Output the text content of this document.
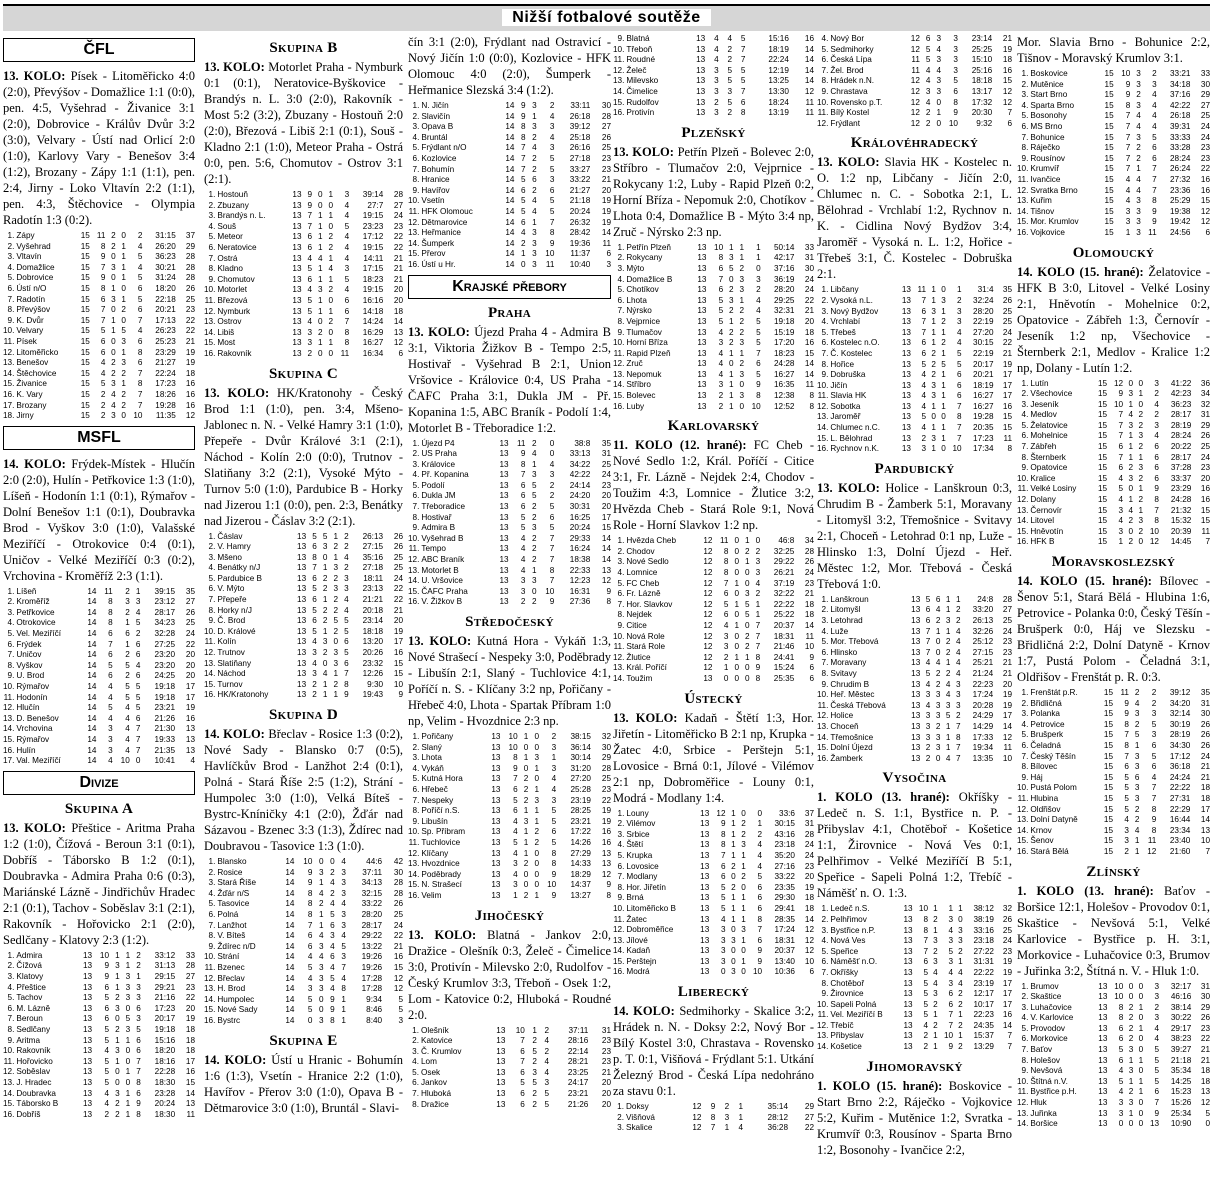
Nižší fotbalové soutěže
ČFL

13. KOLO: Písek - Litoměřicko 4:0 (2:0), Převýšov - Domažlice 1:1 (0:0), pen. 4:5, Vyšehrad - Živanice 3:1 (2:0), Dobrovice - Králův Dvůr 3:2 (3:0), Velvary - Ústí nad Orlicí 2:0 (1:0), Karlovy Vary - Benešov 3:4 (1:2), Brozany - Zápy 1:1 (1:1), pen. 2:4, Jirny - Loko Vltavín 2:2 (1:1), pen. 4:3, Štěchovice - Olympia Radotín 1:3 (0:2).

1.	Zápy	15	11	2	0	2	31:15	37
2.	Vyšehrad	15	8	2	1	4	26:20	29
3.	Vltavín	15	9	0	1	5	36:23	28
4.	Domažlice	15	7	3	1	4	30:21	28
5.	Dobrovice	15	9	0	1	5	31:24	28
6.	Ústí n/O	15	8	1	0	6	18:20	26
7.	Radotín	15	6	3	1	5	22:18	25
8.	Převýšov	15	7	0	2	6	20:21	23
9.	K. Dvůr	15	7	1	0	7	17:13	22
10.	Velvary	15	5	1	5	4	26:23	22
11.	Písek	15	6	0	3	6	25:23	21
12.	Litoměřicko	15	6	0	1	8	23:29	19
13.	Benešov	15	4	2	3	6	21:27	19
14.	Štěchovice	15	4	2	2	7	22:24	18
15.	Živanice	15	5	3	1	8	17:23	16
16.	K. Vary	15	2	4	2	7	18:26	16
17.	Brozany	15	2	4	2	7	19:28	16
18.	Jirny	15	2	3	0	10	11:35	12
MSFL

14. KOLO: Frýdek-Místek - Hlučín 2:0 (2:0), Hulín - Petřkovice 1:3 (1:0), Líšeň - Hodonín 1:1 (0:1), Rýmařov - Dolní Benešov 1:1 (0:1), Doubravka Brod - Vyškov 3:0 (1:0), Valašské Meziříčí - Otrokovice 0:4 (0:1), Uničov - Velké Meziříčí 0:3 (0:2), Vrchovina - Kroměříž 2:3 (1:1).

1.	Líšeň	14	11	2	1	39:15	35
2.	Kroměříž	14	8	3	3	23:12	27
3.	Petřkovice	14	8	2	4	28:17	26
4.	Otrokovice	14	8	1	5	34:23	25
5.	Vel. Meziříčí	14	6	6	2	32:28	24
6.	Frýdek	14	7	1	6	27:25	22
7.	Uničov	14	6	2	6	23:20	20
8.	Vyškov	14	5	5	4	23:20	20
9.	U. Brod	14	6	2	6	24:25	20
10.	Rýmařov	14	4	5	5	19:18	17
11.	Hodonín	14	4	5	5	19:18	17
12.	Hlučín	14	5	4	5	23:21	19
13.	D. Benešov	14	4	4	6	21:26	16
14.	Vrchovina	14	3	4	7	21:30	13
15.	Rýmařov	14	3	4	7	19:33	13
16.	Hulín	14	3	4	7	21:35	13
17.	Val. Meziříčí	14	4	10	0	10:41	4
Divize
Skupina A

13. KOLO: Přeštice - Aritma Praha 1:2 (1:0), Čížová - Beroun 3:1 (0:1), Dobříš - Táborsko B 1:2 (0:1), Doubravka - Admira Praha 0:6 (0:3), Mariánské Lázně - Jindřichův Hradec 2:1 (0:1), Tachov - Soběslav 3:1 (2:1), Rakovník - Hořovicko 2:1 (2:0), Sedlčany - Klatovy 2:3 (1:2).

1.	Admira	13	10	1	1	2	33:12	33
2.	Čížová	13	9	3	1	2	31:13	28
3.	Klatovy	13	9	1	3	1	29:15	27
4.	Přeštice	13	6	1	3	3	29:21	23
5.	Tachov	13	5	2	3	3	21:16	22
6.	M. Lázně	13	6	3	0	6	17:23	20
7.	Beroun	13	6	0	5	3	20:17	19
8.	Sedlčany	13	5	2	3	5	19:18	18
9.	Aritma	13	5	1	1	6	15:16	18
10.	Rakovník	13	4	3	0	6	18:20	18
11.	Hořovicko	13	5	1	0	7	18:16	17
12.	Soběslav	13	5	0	1	7	22:28	16
13.	J. Hradec	13	5	0	0	8	18:30	15
14.	Doubravka	13	4	3	1	6	23:28	14
15.	Táborsko B	13	4	2	1	9	20:24	13
16.	Dobříš	13	2	2	1	8	18:30	11
Skupina B

13. KOLO: Motorlet Praha - Nymburk 0:1 (0:1), Neratovice-Byškovice - Brandýs n. L. 3:0 (2:0), Rakovník - Most 5:2 (3:2), Zbuzany - Hostouň 2:0 (2:0), Březová - Libiš 2:1 (0:1), Souš - Kladno 2:1 (1:0), Meteor Praha - Ostrá 0:0, pen. 5:6, Chomutov - Ostrov 3:1 (2:1).

1.	Hostouň	13	9	0	1	3	39:14	28
2.	Zbuzany	13	9	0	0	4	27:7	27
3.	Brandýs n. L.	13	7	1	1	4	19:15	24
4.	Souš	13	7	1	0	5	23:23	23
5.	Meteor	13	6	1	2	4	17:12	22
6.	Neratovice	13	6	1	2	4	19:15	22
7.	Ostrá	13	4	4	1	4	14:11	21
8.	Kladno	13	5	1	4	3	17:15	21
9.	Chomutov	13	6	1	1	5	18:23	21
10.	Motorlet	13	4	3	2	4	19:15	20
11.	Březová	13	5	1	0	6	16:16	20
12.	Nymburk	13	5	1	1	6	14:18	18
13.	Ostrov	13	4	0	2	7	14:24	14
14.	Libiš	13	3	2	0	8	16:29	13
15.	Most	13	3	1	1	8	16:27	12
16.	Rakovník	13	2	0	0	11	16:34	6
Skupina C

13. KOLO: HK/Kratonohy - Český Brod 1:1 (1:0), pen. 3:4, Mšeno-Jablonec n. N. - Velké Hamry 3:1 (1:0), Přepeře - Dvůr Králové 3:1 (2:1), Náchod - Kolín 2:0 (0:0), Trutnov - Slatiňany 3:2 (2:1), Vysoké Mýto - Turnov 5:0 (1:0), Pardubice B - Horky nad Jizerou 1:1 (0:0), pen. 2:3, Benátky nad Jizerou - Čáslav 3:2 (2:1).

1.	Čáslav	13	5	5	1	2	26:13	26
2.	V. Hamry	13	6	3	2	2	27:15	26
3.	Mšeno	13	8	0	1	4	35:16	25
4.	Benátky n/J	13	7	1	3	2	27:18	25
5.	Pardubice B	13	6	2	2	3	18:11	24
6.	V. Mýto	13	5	2	3	3	23:13	22
7.	Přepeře	13	6	1	2	4	21:21	22
8.	Horky n/J	13	5	2	2	4	20:18	21
9.	Č. Brod	13	6	2	5	5	23:14	20
10.	D. Králové	13	5	1	2	5	18:18	19
11.	Kolín	13	4	3	0	6	13:20	17
12.	Trutnov	13	3	2	3	5	20:26	16
13.	Slatiňany	13	4	0	3	6	23:32	15
14.	Náchod	13	3	4	1	7	12:26	15
15.	Turnov	13	2	1	2	8	9:30	10
16.	HK/Kratonohy	13	2	1	1	9	19:43	9
Skupina D

14. KOLO: Břeclav - Rosice 1:3 (0:2), Nové Sady - Blansko 0:7 (0:5), Havlíčkův Brod - Lanžhot 2:4 (0:1), Polná - Stará Říše 2:5 (1:2), Strání - Humpolec 3:0 (1:0), Velká Bíteš - Bystrc-Kníničky 4:1 (2:0), Žďár nad Sázavou - Bzenec 3:3 (1:3), Ždírec nad Doubravou - Tasovice 1:3 (1:0).

1.	Blansko	14	10	0	0	4	44:6	42
2.	Rosice	14	9	3	2	3	37:11	30
3.	Stará Říše	14	9	1	4	3	34:13	28
4.	Žďár n/S	14	8	4	2	3	32:15	28
5.	Tasovice	14	8	2	4	4	33:22	26
6.	Polná	14	8	1	5	3	28:20	25
7.	Lanžhot	14	7	1	6	3	28:17	24
8.	V. Bíteš	14	6	4	3	4	29:22	22
9.	Ždírec n/D	14	6	3	4	5	13:22	21
10.	Strání	14	4	4	6	3	19:26	16
11.	Bzenec	14	5	3	4	7	19:26	15
12.	Břeclav	14	4	3	5	4	17:28	12
13.	H. Brod	14	3	3	4	8	17:28	12
14.	Humpolec	14	5	0	9	1	9:34	5
15.	Nové Sady	14	5	0	9	1	8:46	5
16.	Bystrc	14	0	3	8	1	8:40	3
Skupina E

14. KOLO: Ústí u Hranic - Bohumín 1:6 (1:3), Vsetín - Hranice 2:2 (1:0), Havířov - Přerov 3:0 (1:0), Opava B - Dětmarovice 3:0 (1:0), Bruntál - Slavi-

čín 3:1 (2:0), Frýdlant nad Ostravicí - Nový Jičín 1:0 (0:0), Kozlovice - HFK Olomouc 4:0 (2:0), Šumperk - Heřmanice Slezská 3:4 (1:2).

1.	N. Jičín	14	9	3	2	33:11	30
2.	Slavičín	14	9	1	4	26:18	28
3.	Opava B	14	8	3	3	39:12	27
4.	Bruntál	14	8	2	4	25:18	26
5.	Frýdlant n/O	14	7	4	3	26:16	25
6.	Kozlovice	14	7	2	5	27:18	23
7.	Bohumín	14	7	2	5	33:27	23
8.	Hranice	14	5	6	3	33:22	21
9.	Havířov	14	6	2	6	21:27	20
10.	Vsetín	14	5	4	5	21:18	19
11.	HFK Olomouc	14	5	4	5	20:24	19
12.	Dětmarovice	14	6	1	7	26:32	19
13.	Heřmanice	14	4	3	8	28:42	14
14.	Šumperk	14	2	3	9	19:36	11
15.	Přerov	14	1	3	10	11:37	6
16.	Ústí u Hr.	14	0	3	11	10:40	3
Krajské přebory
Praha

13. KOLO: Újezd Praha 4 - Admira B 3:1, Viktoria Žižkov B - Tempo 2:5, Hostivař - Vyšehrad B 2:1, Union Vršovice - Královice 0:4, US Praha - ČAFC Praha 3:1, Dukla JM - Př. Kopanina 1:5, ABC Braník - Podolí 1:4, Motorlet B - Třeboradice 1:2.

1.	Újezd P4	13	11	2	0	38:8	35
2.	US Praha	13	9	4	0	33:13	31
3.	Královice	13	8	1	4	34:22	25
4.	Př. Kopanina	13	7	3	3	42:22	24
5.	Podolí	13	6	5	2	24:14	23
6.	Dukla JM	13	6	5	2	24:20	20
7.	Třeboradice	13	6	2	5	30:31	20
8.	Hostivař	13	5	2	6	16:25	17
9.	Admira B	13	5	3	5	20:24	15
10.	Vyšehrad B	13	4	2	7	29:33	14
11.	Tempo	13	4	2	7	16:24	14
12.	ABC Braník	13	4	2	7	18:38	14
13.	Motorlet B	13	4	1	8	22:33	13
14.	U. Vršovice	13	3	3	7	12:23	12
15.	ČAFC Praha	13	3	0	10	16:31	9
16.	V. Žižkov B	13	2	2	9	27:36	8
Středočeský

13. KOLO: Kutná Hora - Vykáň 1:3, Nové Strašecí - Nespeky 3:0, Poděbrady - Libušín 2:1, Slaný - Tuchlovice 4:1, Poříčí n. S. - Klíčany 3:2 np, Pořičany - Hřebeč 4:0, Lhota - Spartak Příbram 1:0 np, Velim - Hvozdnice 2:3 np.

1.	Pořičany	13	10	1	0	2	38:15	32
2.	Slaný	13	10	0	0	3	36:14	30
3.	Lhota	13	8	1	3	1	30:14	29
4.	Vykáň	13	9	0	1	3	31:20	28
5.	Kutná Hora	13	7	2	0	4	27:20	25
6.	Hřebeč	13	6	2	1	4	25:28	23
7.	Nespeky	13	5	2	3	3	23:19	22
8.	Poříčí n.S.	13	6	1	1	5	28:25	19
9.	Libušín	13	4	3	1	5	23:21	19
10.	Sp. Příbram	13	4	1	2	6	17:22	16
11.	Tuchlovice	13	5	1	2	5	14:26	16
12.	Klíčany	13	4	1	0	8	27:29	13
13.	Hvozdnice	13	3	2	0	8	14:33	13
14.	Poděbrady	13	4	0	0	9	18:29	12
15.	N. Strašecí	13	3	0	0	10	14:37	9
16.	Velim	13	1	2	1	9	13:27	8
Jihočeský

13. KOLO: Blatná - Jankov 2:0, Dražice - Olešník 0:3, Želeč - Čimelice 3:0, Protivín - Milevsko 2:0, Rudolfov - Český Krumlov 3:3, Třeboň - Osek 1:2, Lom - Katovice 0:2, Hluboká - Roudné 2:0.

1.	Olešník	13	10	1	2	37:11	31
2.	Katovice	13	7	2	4	28:16	23
3.	Č. Krumlov	13	6	5	2	22:14	23
4.	Lom	13	7	2	4	28:21	23
5.	Osek	13	6	3	4	23:25	21
6.	Jankov	13	5	5	3	24:17	20
7.	Hluboká	13	6	2	5	23:21	20
8.	Dražice	13	6	2	5	21:26	20
9.	Blatná	13	4	4	5	15:16	16
10.	Třeboň	13	4	2	7	18:19	14
11.	Roudné	13	4	2	7	22:24	14
12.	Želeč	13	3	5	5	12:19	14
13.	Milevsko	13	3	5	5	13:25	14
14.	Čimelice	13	3	3	7	13:30	12
15.	Rudolfov	13	2	5	6	18:24	11
16.	Protivín	13	3	2	8	13:19	11
Plzeňský

13. KOLO: Petřín Plzeň - Bolevec 2:0, Stříbro - Tlumačov 2:0, Vejprnice - Rokycany 1:2, Luby - Rapid Plzeň 0:2, Horní Bříza - Nepomuk 2:0, Chotíkov - Lhota 0:4, Domažlice B - Mýto 3:4 np, Zruč - Nýrsko 2:3 np.

1.	Petřín Plzeň	13	10	1	1	1	50:14	33
2.	Rokycany	13	8	3	1	1	42:17	31
3.	Mýto	13	6	5	2	0	37:16	30
4.	Domažlice B	13	7	0	3	3	36:19	24
5.	Chotíkov	13	6	2	3	2	28:20	24
6.	Lhota	13	5	3	1	4	29:25	22
7.	Nýrsko	13	5	2	2	4	32:31	21
8.	Vejprnice	13	5	1	2	5	19:18	20
9.	Tlumačov	13	4	2	2	5	15:19	18
10.	Horní Bříza	13	3	2	3	5	17:20	16
11.	Rapid Plzeň	13	4	1	1	7	18:23	15
12.	Zruč	13	4	0	2	6	24:28	14
13.	Nepomuk	13	4	1	3	5	16:27	14
14.	Stříbro	13	3	1	0	9	16:35	11
15.	Bolevec	13	2	1	3	8	12:38	8
16.	Luby	13	2	1	0	10	12:52	8
Karlovarský

11. KOLO (12. hrané): FC Cheb - Nové Sedlo 1:2, Král. Poříčí - Citice 3:1, Fr. Lázně - Nejdek 2:4, Chodov - Toužim 4:3, Lomnice - Žlutice 3:2, Hvězda Cheb - Stará Role 9:1, Nová Role - Horní Slavkov 1:2 np.

1.	Hvězda Cheb	12	11	0	1	0	46:8	34
2.	Chodov	12	8	0	2	2	32:25	28
3.	Nové Sedlo	12	8	0	1	3	29:22	26
4.	Lomnice	12	8	0	0	3	26:21	24
5.	FC Cheb	12	7	1	0	4	37:19	23
6.	Fr. Lázně	12	6	0	3	2	32:22	21
7.	Hor. Slavkov	12	5	1	5	1	22:22	18
8.	Nejdek	12	6	0	5	1	25:22	18
9.	Citice	12	4	1	0	7	20:37	14
10.	Nová Role	12	3	0	2	7	18:31	11
11.	Stará Role	12	3	0	2	7	21:46	10
12.	Žlutice	12	2	1	1	8	24:41	9
13.	Král. Poříčí	12	1	0	0	9	15:24	6
14.	Toužim	13	0	0	0	8	25:35	6
Ústecký

13. KOLO: Kadaň - Štětí 1:3, Hor. Jiřetín - Litoměřicko B 2:1 np, Krupka - Žatec 4:0, Srbice - Perštejn 5:1, Lovosice - Brná 0:1, Jílové - Vilémov 2:1 np, Dobroměřice - Louny 0:1, Modrá - Modlany 1:4.

1.	Louny	13	12	1	0	0	33:6	37
2.	Vilémov	13	9	1	2	1	30:15	31
3.	Srbice	13	8	1	2	2	43:16	28
4.	Štětí	13	8	1	3	4	23:18	24
5.	Krupka	13	7	1	1	4	35:20	24
6.	Lovosice	13	6	2	1	4	27:16	23
7.	Modlany	13	6	0	2	5	33:22	20
8.	Hor. Jiřetín	13	5	2	0	6	23:35	19
9.	Brná	13	5	1	1	6	29:30	18
10.	Litoměřicko B	13	5	1	1	6	29:41	18
11.	Žatec	13	4	1	1	8	28:35	14
12.	Dobroměřice	13	3	0	3	7	17:24	12
13.	Jílové	13	3	3	1	6	18:31	12
14.	Kadaň	13	3	0	0	9	20:37	12
15.	Perštejn	13	3	0	1	9	13:40	10
16.	Modrá	13	0	3	0	10	10:36	6
Liberecký

14. KOLO: Sedmihorky - Skalice 3:2, Hrádek n. N. - Doksy 2:2, Nový Bor - Bílý Kostel 3:0, Chrastava - Rovensko p. T. 0:1, Višňová - Frýdlant 5:1. Utkání Železný Brod - Česká Lípa nedohráno za stavu 0:1.

1.	Doksy	12	9	2	1	35:14	29
2.	Višňová	12	8	3	1	28:12	27
3.	Skalice	12	7	1	4	36:28	22
4.	Nový Bor	12	6	3	3	23:14	21
5.	Sedmihorky	12	5	4	3	25:25	19
6.	Česká Lípa	11	5	3	3	15:10	18
7.	Žel. Brod	11	4	4	3	25:16	16
8.	Hrádek n.N.	12	4	3	5	18:18	15
9.	Chrastava	12	3	3	6	13:17	12
10.	Rovensko p.T.	12	4	0	8	17:32	12
11.	Bílý Kostel	12	2	1	9	20:30	7
12.	Frýdlant	12	2	0	10	9:32	6
Královéhradecký

13. KOLO: Slavia HK - Kostelec n. O. 1:2 np, Libčany - Jičín 2:0, Chlumec n. C. - Sobotka 2:1, L. Bělohrad - Vrchlabí 1:2, Rychnov n. K. - Cidlina Nový Bydžov 3:4, Jaroměř - Vysoká n. L. 1:2, Hořice - Třebeš 3:1, Č. Kostelec - Dobruška 2:1.

1.	Libčany	13	11	1	0	1	31:4	35
2.	Vysoká n.L.	13	7	1	3	2	32:24	26
3.	Nový Bydžov	13	6	3	1	3	28:20	25
4.	Vrchlabí	13	7	1	2	3	22:19	25
5.	Třebeš	13	7	1	1	4	27:20	24
6.	Kostelec n.O.	13	6	1	2	4	30:15	22
7.	Č. Kostelec	13	6	2	1	5	22:19	21
8.	Hořice	13	5	2	5	5	20:17	19
9.	Dobruška	13	4	2	1	6	20:21	17
10.	Jičín	13	4	3	1	6	18:19	17
11.	Slavia HK	13	4	3	1	6	16:27	17
12.	Sobotka	13	4	1	1	7	16:27	16
13.	Jaroměř	13	5	0	0	8	19:28	15
14.	Chlumec n.C.	13	4	1	1	7	20:35	15
15.	L. Bělohrad	13	2	3	1	7	17:23	11
16.	Rychnov n.K.	13	3	1	0	10	17:34	8
Pardubický

13. KOLO: Holice - Lanškroun 0:3, Chrudim B - Žamberk 5:1, Moravany - Litomyšl 3:2, Třemošnice - Svitavy 2:1, Choceň - Letohrad 0:1 np, Luže - Hlinsko 1:3, Dolní Újezd - Heř. Městec 1:2, Mor. Třebová - Česká Třebová 1:0.

1.	Lanškroun	13	5	6	1	1	24:8	28
2.	Litomyšl	13	6	4	1	2	33:20	27
3.	Letohrad	13	6	2	3	2	26:13	25
4.	Luže	13	7	1	1	4	32:26	24
5.	Mor. Třebová	13	7	0	2	4	25:12	23
6.	Hlinsko	13	7	0	2	4	27:15	23
7.	Moravany	13	4	4	1	4	25:21	21
8.	Svitavy	13	5	2	2	4	21:24	21
9.	Chrudim B	13	4	2	4	3	22:23	20
10.	Heř. Městec	13	3	3	4	3	17:24	19
11.	Česká Třebová	13	4	3	3	3	20:28	19
12.	Holice	13	3	3	5	2	24:29	17
13.	Choceň	13	3	2	1	7	14:29	14
14.	Třemošnice	13	3	3	1	8	17:33	12
15.	Dolní Újezd	13	2	3	1	7	19:34	11
16.	Žamberk	13	2	0	4	7	13:35	10
Vysočina

1. KOLO (13. hrané): Okříšky - Ledeč n. S. 1:1, Bystřice n. P. - Přibyslav 4:1, Chotěboř - Košetice 1:1, Žirovnice - Nová Ves 0:1, Pelhřimov - Velké Meziříčí B 5:1, Speřice - Sapeli Polná 1:2, Třebíč - Náměšť n. O. 1:3.

1.	Ledeč n.S.	13	10	1	1	1	38:12	32
2.	Pelhřimov	13	8	2	3	0	38:19	26
3.	Bystřice n.P.	13	8	1	4	3	33:16	25
4.	Nová Ves	13	7	3	3	3	23:18	24
5.	Speřice	13	7	2	5	2	27:22	23
6.	Náměšť n.O.	13	6	3	3	1	31:31	19
7.	Okříšky	13	5	4	4	4	22:22	19
8.	Chotěboř	13	5	4	3	4	23:19	17
9.	Žirovnice	13	5	3	6	2	12:17	17
10.	Sapeli Polná	13	5	2	6	2	10:17	17
11.	Vel. Meziříčí B	13	5	1	7	1	22:23	16
12.	Třebíč	13	4	2	7	2	24:35	14
13.	Přibyslav	13	2	1	10	1	15:37	7
14.	Košetice	13	2	1	9	2	13:29	7
Jihomoravský

1. KOLO (15. hrané): Boskovice - Start Brno 2:2, Ráječko - Vojkovice 5:2, Kuřim - Mutěnice 1:2, Svratka - Krumvíř 0:3, Rousínov - Sparta Brno 1:2, Bosonohy - Ivančice 2:2,

Mor. Slavia Brno - Bohunice 2:2, Tišnov - Moravský Krumlov 3:1.

1.	Boskovice	15	10	3	2	33:21	33
2.	Mutěnice	15	9	3	3	34:18	30
3.	Start Brno	15	9	2	4	37:16	29
4.	Sparta Brno	15	8	3	4	42:22	27
5.	Bosonohy	15	7	4	4	26:18	25
6.	MS Brno	15	7	4	4	39:31	24
7.	Bohunice	15	7	3	5	33:33	24
8.	Ráječko	15	7	2	6	33:28	23
9.	Rousínov	15	7	2	6	28:24	23
10.	Krumvíř	15	7	1	7	26:24	22
11.	Ivančice	15	4	4	7	27:32	16
12.	Svratka Brno	15	4	4	7	23:36	16
13.	Kuřim	15	4	3	8	25:29	15
14.	Tišnov	15	3	3	9	19:38	12
15.	Mor. Krumlov	15	3	3	9	19:42	12
16.	Vojkovice	15	1	3	11	24:56	6
Olomoucký

14. KOLO (15. hrané): Želatovice - HFK B 3:0, Litovel - Velké Losiny 2:1, Hněvotín - Mohelnice 0:2, Opatovice - Zábřeh 1:3, Černovír - Jeseník 1:2 np, Všechovice - Šternberk 2:1, Medlov - Kralice 1:2 np, Dolany - Lutín 1:2.

1.	Lutín	15	12	0	0	3	41:22	36
2.	Všechovice	15	9	3	1	2	42:23	34
3.	Jeseník	15	10	1	0	4	36:23	32
4.	Medlov	15	7	4	2	2	28:17	31
5.	Želatovice	15	7	3	2	3	28:19	29
6.	Mohelnice	15	7	1	3	4	28:24	26
7.	Zábřeh	15	6	1	2	6	20:22	25
8.	Šternberk	15	7	1	1	6	28:17	24
9.	Opatovice	15	6	2	3	6	37:28	23
10.	Kralice	15	4	3	2	6	33:37	20
11.	Velké Losiny	15	5	0	1	9	23:29	16
12.	Dolany	15	4	1	2	8	24:28	16
13.	Černovír	15	3	4	1	7	21:32	15
14.	Litovel	15	4	2	3	8	15:32	15
15.	Hněvotín	15	3	0	2	10	20:39	11
16.	HFK B	15	1	2	0	12	14:45	7
Moravskoslezský

14. KOLO (15. hrané): Bílovec - Šenov 5:1, Stará Bělá - Hlubina 1:6, Petrovice - Polanka 0:0, Český Těšín - Brušperk 0:0, Háj ve Slezsku - Břidličná 2:2, Dolní Datyně - Krnov 1:7, Pustá Polom - Čeladná 3:1, Oldřišov - Frenštát p. R. 0:3.

1.	Frenštát p.R.	15	11	2	2	39:12	35
2.	Břidličná	15	9	4	2	34:20	31
3.	Polanka	15	9	3	3	32:14	30
4.	Petrovice	15	8	2	5	30:19	26
5.	Brušperk	15	7	5	3	28:19	26
6.	Čeladná	15	8	1	6	34:30	26
7.	Český Těšín	15	7	3	5	17:12	24
8.	Bílovec	15	6	3	6	36:18	21
9.	Háj	15	5	6	4	24:24	21
10.	Pustá Polom	15	5	3	7	22:22	18
11.	Hlubina	15	5	3	7	27:31	18
12.	Oldřišov	15	5	2	8	22:29	17
13.	Dolní Datyně	15	4	2	9	16:44	14
14.	Krnov	15	3	4	8	23:34	13
15.	Šenov	15	3	1	11	23:40	10
16.	Stará Bělá	15	2	1	12	21:60	7
Zlínský

1. KOLO (13. hrané): Baťov - Boršice 12:1, Holešov - Provodov 0:1, Skaštice - Nevšová 5:1, Velké Karlovice - Bystřice p. H. 3:1, Morkovice - Luhačovice 0:3, Brumov - Juřinka 3:2, Štítná n. V. - Hluk 1:0.

1.	Brumov	13	10	0	0	3	32:17	31
2.	Skaštice	13	10	0	0	3	46:16	30
3.	Luhačovice	13	8	2	1	2	38:14	29
4.	V. Karlovice	13	8	2	0	3	30:22	26
5.	Provodov	13	6	2	1	4	29:17	23
6.	Morkovice	13	6	2	0	4	38:23	22
7.	Baťov	13	5	3	0	5	39:27	21
8.	Holešov	13	6	1	1	5	21:18	21
9.	Nevšová	13	4	3	0	5	35:34	18
10.	Štítná n.V.	13	5	1	1	5	14:25	18
11.	Bystřice p.H.	13	4	2	1	6	15:23	13
12.	Hluk	13	3	3	0	7	15:26	12
13.	Juřinka	13	3	1	0	9	25:34	5
14.	Boršice	13	0	0	0	13	10:90	0
